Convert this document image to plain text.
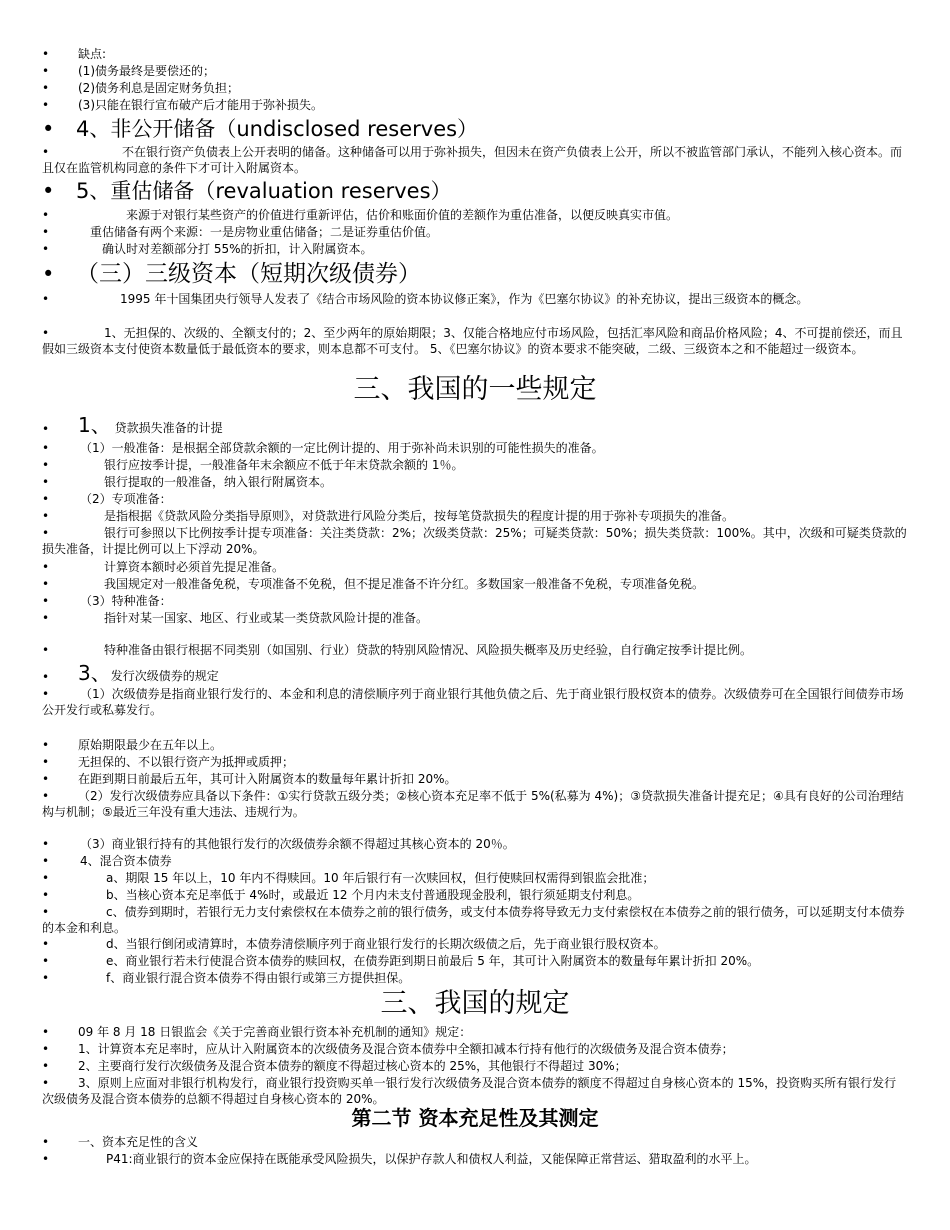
•	缺点:
•	(1)债务最终是要偿还的；
•	(2)债务利息是固定财务负担；
•	(3)只能在银行宣布破产后才能用于弥补损失。
•	4、非公开储备（undisclosed reserves）
•	不在银行资产负债表上公开表明的储备。这种储备可以用于弥补损失，但因未在资产负债表上公开，所以不被监管部门承认，不能列入核心资本。而且仅在监管机构同意的条件下才可计入附属资本。
•	5、重估储备（revaluation reserves）
•	来源于对银行某些资产的价值进行重新评估，估价和账面价值的差额作为重估准备，以便反映真实市值。
•	重估储备有两个来源：一是房物业重估储备；二是证券重估价值。
•	确认时对差额部分打 55%的折扣，计入附属资本。
• （三）三级资本（短期次级债券）
•	1995 年十国集团央行领导人发表了《结合市场风险的资本协议修正案》，作为《巴塞尔协议》的补充协议，提出三级资本的概念。
•	1、无担保的、次级的、全额支付的；2、至少两年的原始期限；3、仅能合格地应付市场风险，包括汇率风险和商品价格风险；4、不可提前偿还，而且假如三级资本支付使资本数量低于最低资本的要求，则本息都不可支付。 5、《巴塞尔协议》的资本要求不能突破，二级、三级资本之和不能超过一级资本。
三、我国的一些规定
•	1、 贷款损失准备的计提
•	（1）一般准备：是根据全部贷款余额的一定比例计提的、用于弥补尚未识别的可能性损失的准备。
•	银行应按季计提，一般准备年末余额应不低于年末贷款余额的 1％。
•	银行提取的一般准备，纳入银行附属资本。
•	（2）专项准备：
•	是指根据《贷款风险分类指导原则》，对贷款进行风险分类后，按每笔贷款损失的程度计提的用于弥补专项损失的准备。
•	银行可参照以下比例按季计提专项准备：关注类贷款：2%；次级类贷款：25%；可疑类贷款：50%；损失类贷款：100%。其中，次级和可疑类贷款的损失准备，计提比例可以上下浮动 20%。
•	计算资本额时必须首先提足准备。
•	我国规定对一般准备免税，专项准备不免税，但不提足准备不许分红。多数国家一般准备不免税，专项准备免税。
•	（3）特种准备：
•	指针对某一国家、地区、行业或某一类贷款风险计提的准备。
•	特种准备由银行根据不同类别（如国别、行业）贷款的特别风险情况、风险损失概率及历史经验，自行确定按季计提比例。
•	3、发行次级债券的规定
•	（1）次级债券是指商业银行发行的、本金和利息的清偿顺序列于商业银行其他负债之后、先于商业银行股权资本的债券。次级债券可在全国银行间债券市场公开发行或私募发行。
•	原始期限最少在五年以上。
•	无担保的、不以银行资产为抵押或质押；
•	在距到期日前最后五年，其可计入附属资本的数量每年累计折扣 20%。
•	（2）发行次级债券应具备以下条件：①实行贷款五级分类；②核心资本充足率不低于 5%(私募为 4%)；③贷款损失准备计提充足；④具有良好的公司治理结构与机制；⑤最近三年没有重大违法、违规行为。
•	（3）商业银行持有的其他银行发行的次级债券余额不得超过其核心资本的 20％。
•	4、混合资本债券
•	a、期限 15 年以上，10 年内不得赎回。10 年后银行有一次赎回权，但行使赎回权需得到银监会批准；
•	b、当核心资本充足率低于 4%时，或最近 12 个月内未支付普通股现金股利，银行须延期支付利息。
•	c、债券到期时，若银行无力支付索偿权在本债券之前的银行债务，或支付本债券将导致无力支付索偿权在本债券之前的银行债务，可以延期支付本债券的本金和利息。
•	d、当银行倒闭或清算时，本债券清偿顺序列于商业银行发行的长期次级债之后，先于商业银行股权资本。
•	e、商业银行若未行使混合资本债券的赎回权，在债券距到期日前最后 5 年，其可计入附属资本的数量每年累计折扣 20%。
•	f、商业银行混合资本债券不得由银行或第三方提供担保。
三、我国的规定
•	09 年 8 月 18 日银监会《关于完善商业银行资本补充机制的通知》规定：
•	1、计算资本充足率时，应从计入附属资本的次级债务及混合资本债券中全额扣减本行持有他行的次级债务及混合资本债券；
•	2、主要商行发行次级债务及混合资本债券的额度不得超过核心资本的 25%，其他银行不得超过 30%；
•	3、原则上应面对非银行机构发行，商业银行投资购买单一银行发行次级债务及混合资本债券的额度不得超过自身核心资本的 15%，投资购买所有银行发行次级债务及混合资本债券的总额不得超过自身核心资本的 20%。
第二节 资本充足性及其测定
•	一、资本充足性的含义
•	P41:商业银行的资本金应保持在既能承受风险损失，以保护存款人和债权人利益，又能保障正常营运、猎取盈利的水平上。
